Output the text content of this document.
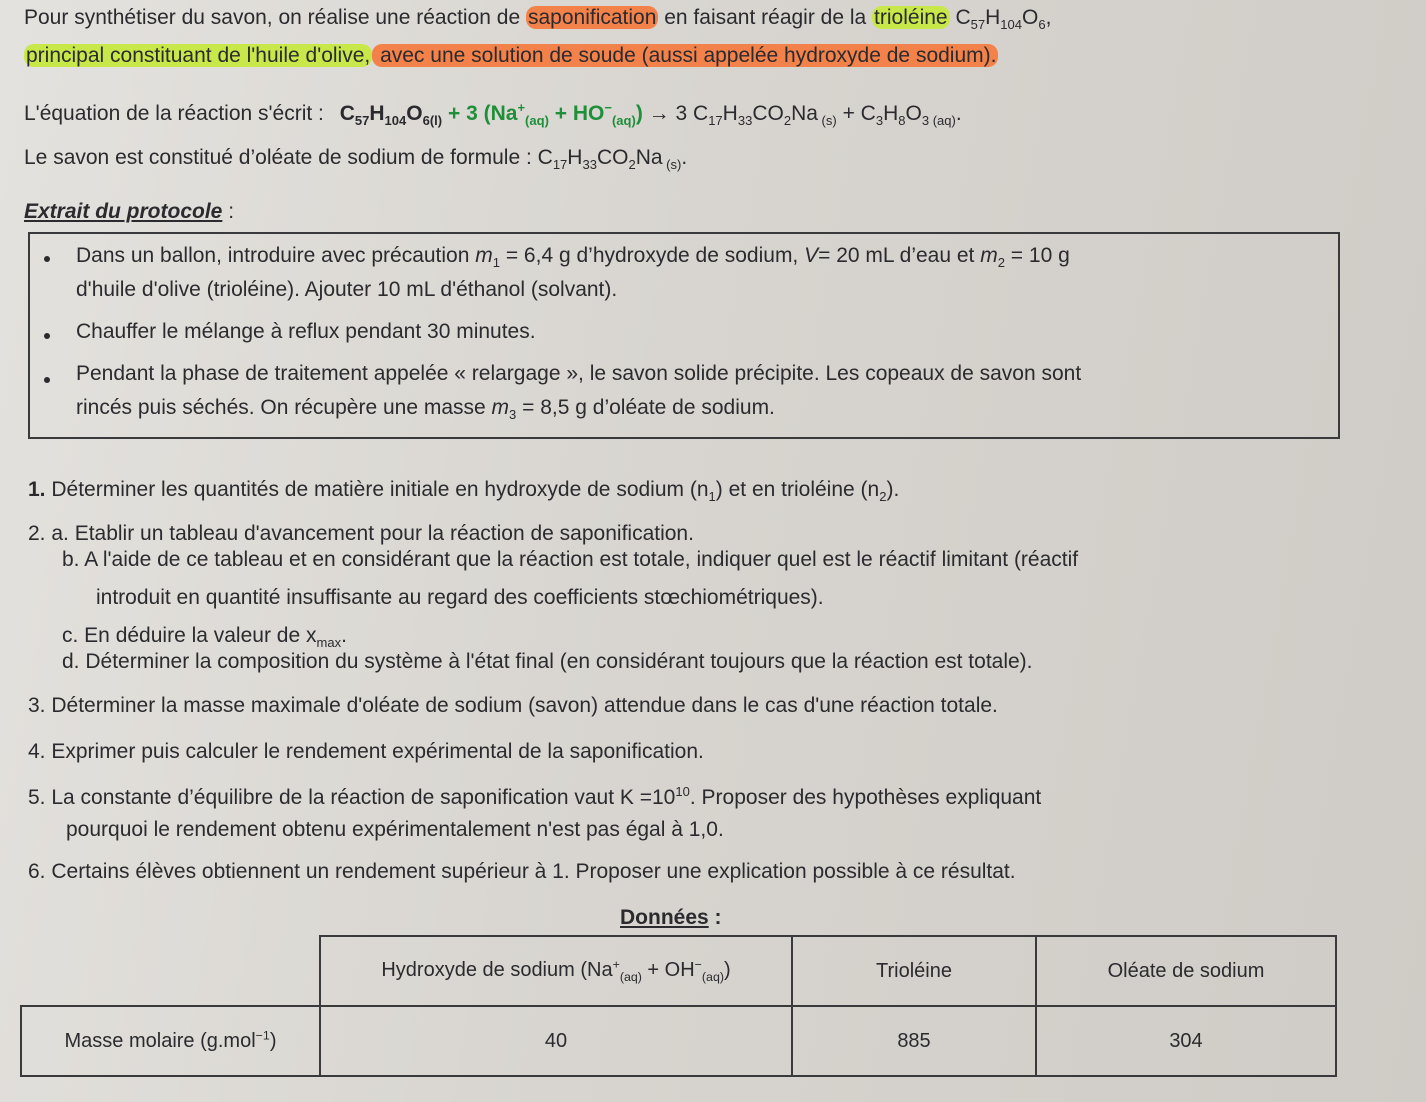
Pour synthétiser du savon, on réalise une réaction de saponification en faisant réagir de la trioléine $C_{57}H_{104}O_6$,
principal constituant de l'huile d'olive, avec une solution de soude (aussi appelée hydroxyde de sodium).
L'équation de la réaction s'écrit : $C_{57}H_{104}O_{6(l)} + 3$ $(Na^+_{(aq)} + HO^-_{(aq)}) \to 3$ $C_{17}H_{33}CO_2Na$ $_{(s)} + C_3H_8O_{3 (aq)}$.
Le savon est constitué d’oléate de sodium de formule : $C_{17}H_{33}CO_2Na$ $_{(s)}$.
Extrait du protocole :
Dans un ballon, introduire avec précaution $m_1 = 6,4$ g d’hydroxyde de sodium, V= 20 mL d’eau et $m_2 = 10$ g
d'huile d'olive (trioléine). Ajouter 10 mL d'éthanol (solvant).
Chauffer le mélange à reflux pendant 30 minutes.
Pendant la phase de traitement appelée « relargage », le savon solide précipite. Les copeaux de savon sont
rincés puis séchés. On récupère une masse $m_3 = 8,5$ g d’oléate de sodium.
1. Déterminer les quantités de matière initiale en hydroxyde de sodium $(n_1)$ et en trioléine $(n_2)$.
2. a. Etablir un tableau d'avancement pour la réaction de saponification.
b. A l'aide de ce tableau et en considérant que la réaction est totale, indiquer quel est le réactif limitant (réactif
introduit en quantité insuffisante au regard des coefficients stœchiométriques).
c. En déduire la valeur de $x_{max}$.
d. Déterminer la composition du système à l'état final (en considérant toujours que la réaction est totale).
3. Déterminer la masse maximale d'oléate de sodium (savon) attendue dans le cas d'une réaction totale.
4. Exprimer puis calculer le rendement expérimental de la saponification.
5. La constante d’équilibre de la réaction de saponification vaut $K =10^{10}$. Proposer des hypothèses expliquant
pourquoi le rendement obtenu expérimentalement n'est pas égal à 1,0.
6. Certains élèves obtiennent un rendement supérieur à 1. Proposer une explication possible à ce résultat.
Données :
	Hydroxyde de sodium $(Na^+_{(aq)} + OH^-_{(aq)})$	Trioléine	Oléate de sodium
Masse molaire (g.mol$^{-1}$)	40	885	304
